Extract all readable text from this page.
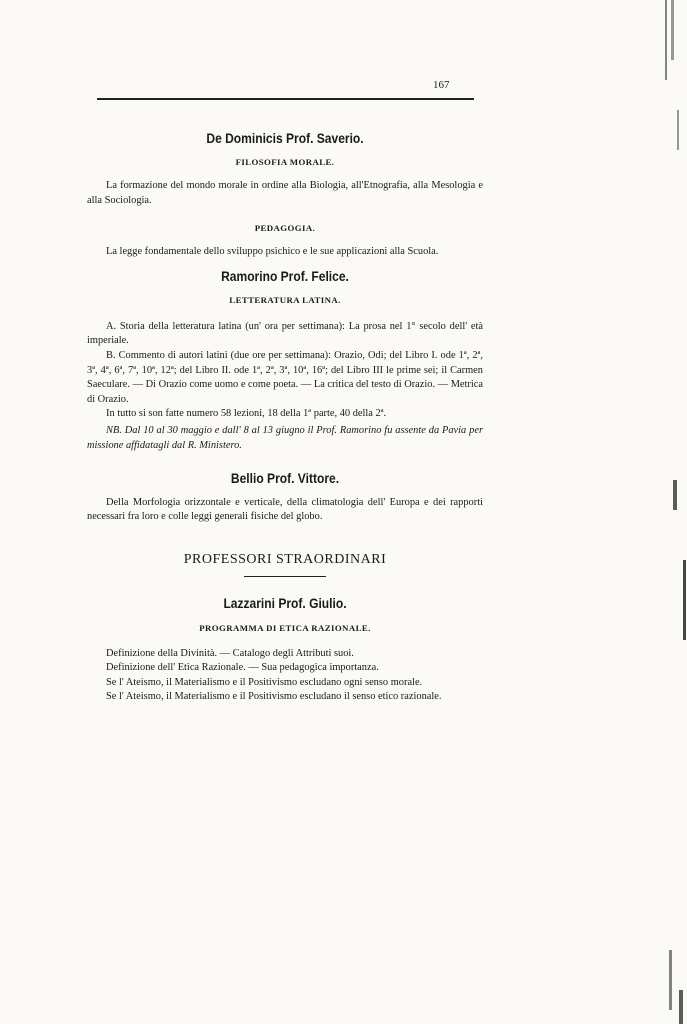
167
De Dominicis Prof. Saverio.
FILOSOFIA MORALE.

La formazione del mondo morale in ordine alla Biologia, all'Etnografia, alla Mesologia e alla Sociologia.

PEDAGOGIA.

La legge fondamentale dello sviluppo psichico e le sue applicazioni alla Scuola.

Ramorino Prof. Felice.
LETTERATURA LATINA.

A. Storia della letteratura latina (un' ora per settimana): La prosa nel 1° secolo dell' età imperiale.

B. Commento di autori latini (due ore per settimana): Orazio, Odi; del Libro I. ode 1ª, 2ª, 3ª, 4ª, 6ª, 7ª, 10ª, 12ª; del Libro II. ode 1ª, 2ª, 3ª, 10ª, 16ª; del Libro III le prime sei; il Carmen Saeculare. — Di Orazio come uomo e come poeta. — La critica del testo di Orazio. — Metrica di Orazio.

In tutto si son fatte numero 58 lezioni, 18 della 1ª parte, 40 della 2ª.

NB. Dal 10 al 30 maggio e dall' 8 al 13 giugno il Prof. Ramorino fu assente da Pavia per missione affidatagli dal R. Ministero.

Bellio Prof. Vittore.

Della Morfologia orizzontale e verticale, della climatologia dell' Europa e dei rapporti necessari fra loro e colle leggi generali fisiche del globo.

PROFESSORI STRAORDINARI
Lazzarini Prof. Giulio.
PROGRAMMA DI ETICA RAZIONALE.

Definizione della Divinità. — Catalogo degli Attributi suoi.

Definizione dell' Etica Razionale. — Sua pedagogica importanza.

Se l' Ateismo, il Materialismo e il Positivismo escludano ogni senso morale.

Se l' Ateismo, il Materialismo e il Positivismo escludano il senso etico razionale.
